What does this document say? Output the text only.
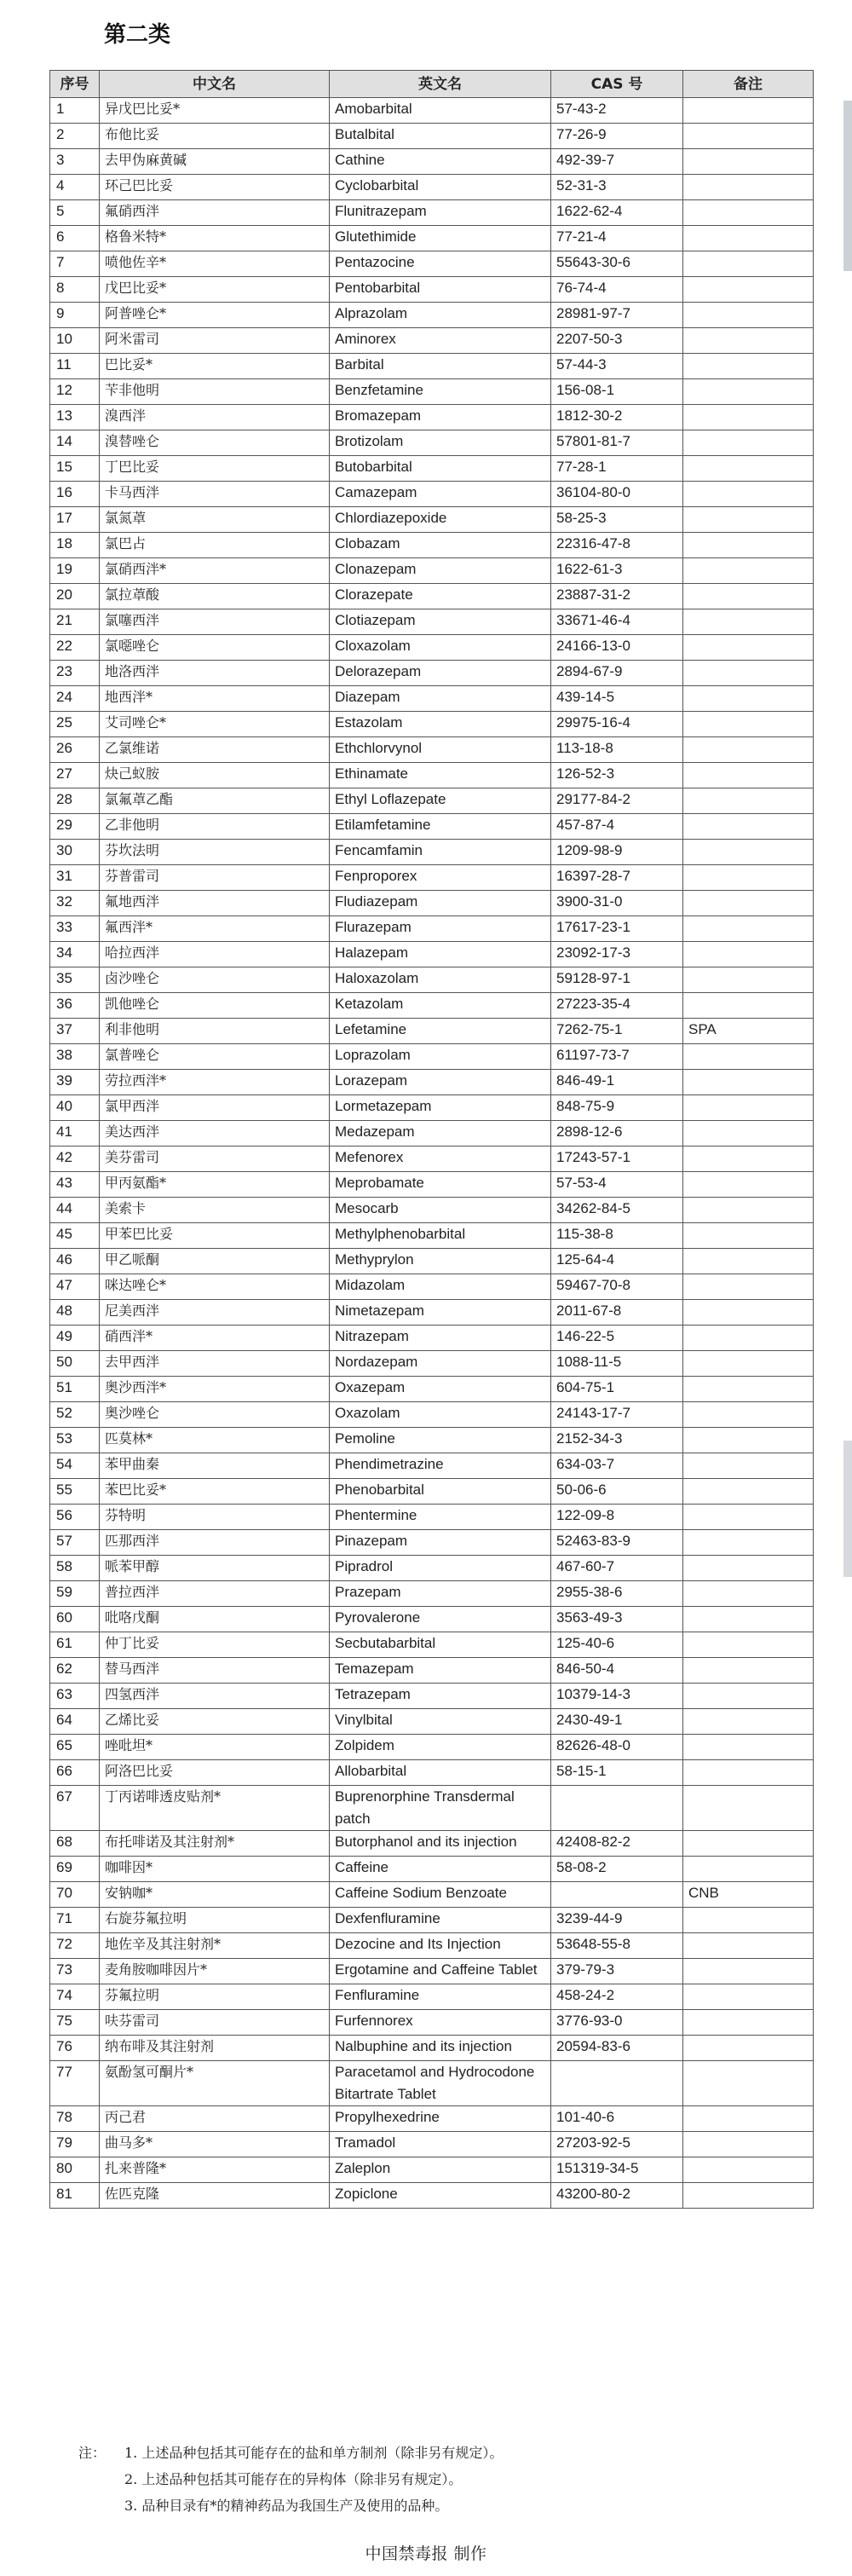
第二类
序号	中文名	英文名	CAS 号	备注
1	异戊巴比妥*	Amobarbital	57-43-2	
2	布他比妥	Butalbital	77-26-9	
3	去甲伪麻黄碱	Cathine	492-39-7	
4	环己巴比妥	Cyclobarbital	52-31-3	
5	氟硝西泮	Flunitrazepam	1622-62-4	
6	格鲁米特*	Glutethimide	77-21-4	
7	喷他佐辛*	Pentazocine	55643-30-6	
8	戊巴比妥*	Pentobarbital	76-74-4	
9	阿普唑仑*	Alprazolam	28981-97-7	
10	阿米雷司	Aminorex	2207-50-3	
11	巴比妥*	Barbital	57-44-3	
12	苄非他明	Benzfetamine	156-08-1	
13	溴西泮	Bromazepam	1812-30-2	
14	溴替唑仑	Brotizolam	57801-81-7	
15	丁巴比妥	Butobarbital	77-28-1	
16	卡马西泮	Camazepam	36104-80-0	
17	氯氮䓬	Chlordiazepoxide	58-25-3	
18	氯巴占	Clobazam	22316-47-8	
19	氯硝西泮*	Clonazepam	1622-61-3	
20	氯拉䓬酸	Clorazepate	23887-31-2	
21	氯噻西泮	Clotiazepam	33671-46-4	
22	氯噁唑仑	Cloxazolam	24166-13-0	
23	地洛西泮	Delorazepam	2894-67-9	
24	地西泮*	Diazepam	439-14-5	
25	艾司唑仑*	Estazolam	29975-16-4	
26	乙氯维诺	Ethchlorvynol	113-18-8	
27	炔己蚁胺	Ethinamate	126-52-3	
28	氯氟䓬乙酯	Ethyl Loflazepate	29177-84-2	
29	乙非他明	Etilamfetamine	457-87-4	
30	芬坎法明	Fencamfamin	1209-98-9	
31	芬普雷司	Fenproporex	16397-28-7	
32	氟地西泮	Fludiazepam	3900-31-0	
33	氟西泮*	Flurazepam	17617-23-1	
34	哈拉西泮	Halazepam	23092-17-3	
35	卤沙唑仑	Haloxazolam	59128-97-1	
36	凯他唑仑	Ketazolam	27223-35-4	
37	利非他明	Lefetamine	7262-75-1	SPA
38	氯普唑仑	Loprazolam	61197-73-7	
39	劳拉西泮*	Lorazepam	846-49-1	
40	氯甲西泮	Lormetazepam	848-75-9	
41	美达西泮	Medazepam	2898-12-6	
42	美芬雷司	Mefenorex	17243-57-1	
43	甲丙氨酯*	Meprobamate	57-53-4	
44	美索卡	Mesocarb	34262-84-5	
45	甲苯巴比妥	Methylphenobarbital	115-38-8	
46	甲乙哌酮	Methyprylon	125-64-4	
47	咪达唑仑*	Midazolam	59467-70-8	
48	尼美西泮	Nimetazepam	2011-67-8	
49	硝西泮*	Nitrazepam	146-22-5	
50	去甲西泮	Nordazepam	1088-11-5	
51	奥沙西泮*	Oxazepam	604-75-1	
52	奥沙唑仑	Oxazolam	24143-17-7	
53	匹莫林*	Pemoline	2152-34-3	
54	苯甲曲秦	Phendimetrazine	634-03-7	
55	苯巴比妥*	Phenobarbital	50-06-6	
56	芬特明	Phentermine	122-09-8	
57	匹那西泮	Pinazepam	52463-83-9	
58	哌苯甲醇	Pipradrol	467-60-7	
59	普拉西泮	Prazepam	2955-38-6	
60	吡咯戊酮	Pyrovalerone	3563-49-3	
61	仲丁比妥	Secbutabarbital	125-40-6	
62	替马西泮	Temazepam	846-50-4	
63	四氢西泮	Tetrazepam	10379-14-3	
64	乙烯比妥	Vinylbital	2430-49-1	
65	唑吡坦*	Zolpidem	82626-48-0	
66	阿洛巴比妥	Allobarbital	58-15-1	
67	丁丙诺啡透皮贴剂*	Buprenorphine Transdermal patch		
68	布托啡诺及其注射剂*	Butorphanol and its injection	42408-82-2	
69	咖啡因*	Caffeine	58-08-2	
70	安钠咖*	Caffeine Sodium Benzoate		CNB
71	右旋芬氟拉明	Dexfenfluramine	3239-44-9	
72	地佐辛及其注射剂*	Dezocine and Its Injection	53648-55-8	
73	麦角胺咖啡因片*	Ergotamine and Caffeine Tablet	379-79-3	
74	芬氟拉明	Fenfluramine	458-24-2	
75	呋芬雷司	Furfennorex	3776-93-0	
76	纳布啡及其注射剂	Nalbuphine and its injection	20594-83-6	
77	氨酚氢可酮片*	Paracetamol and Hydrocodone Bitartrate Tablet		
78	丙己君	Propylhexedrine	101-40-6	
79	曲马多*	Tramadol	27203-92-5	
80	扎来普隆*	Zaleplon	151319-34-5	
81	佐匹克隆	Zopiclone	43200-80-2	
注：	1. 上述品种包括其可能存在的盐和单方制剂（除非另有规定）。
2. 上述品种包括其可能存在的异构体（除非另有规定）。
3. 品种目录有*的精神药品为我国生产及使用的品种。
中国禁毒报 制作
